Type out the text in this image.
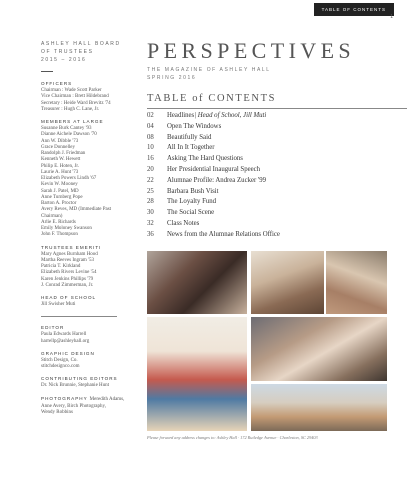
TABLE OF CONTENTS
1
ASHLEY HALL BOARD
OF TRUSTEES
2015 – 2016
OFFICERS
Chairman : Wade Scott Parker
Vice Chairman : Brett Hildebrand
Secretary : Heide Ward Brevitz '74
Treasurer : Hugh C. Lane, Jr.
MEMBERS AT LARGE
Susanne Burk Cantey '93
Dianne Aichele Dawson '70
Ann W. Dibble '73
Grace Donnelley
Randolph J. Friedman
Kenneth W. Hewett
Philip E. Hoten, Jr.
Laurie A. Hunt '73
Elizabeth Powers Lindh '67
Kevin W. Mooney
Sarah J. Patel, MD
Anne Turnberg Pope
Barton A. Proctor
Avery Reves, MD (Immediate Past
Chairman)
Arlie E. Richards
Emily Moloney Swanson
John F. Thompson
TRUSTEES EMERITI
Mary Agnes Burnham Hood
Martha Reeves Ingram '53
Patricia T. Kirkland
Elizabeth Rivers Levine '54
Karen Jenkins Phillips '79
J. Conrad Zimmerman, Jr.
HEAD OF SCHOOL
Jill Swisher Muti
EDITOR
Paula Edwards Harrell
harrellp@ashleyhall.org
GRAPHIC DESIGN
Stitch Design, Co.
stitchdesignco.com
CONTRIBUTING EDITORS
Dr. Nick Brunnie, Stephanie Hunt
PHOTOGRAPHY Meredith Adams,
Anne Avery, Birch Photography,
Wendy Robbins
PERSPECTIVES
THE MAGAZINE OF ASHLEY HALL
SPRING 2016
TABLE of CONTENTS
02	Headlines | Head of School, Jill Muti
04	Open The Windows
08	Beautifully Said
10	All In It Together
16	Asking The Hard Questions
20	Her Presidential Inaugural Speech
22	Alumnae Profile: Andrea Zucker '99
25	Barbara Bush Visit
28	The Loyalty Fund
30	The Social Scene
32	Class Notes
36	News from the Alumnae Relations Office
Please forward any address changes to: Ashley Hall · 172 Rutledge Avenue · Charleston, SC 29403
